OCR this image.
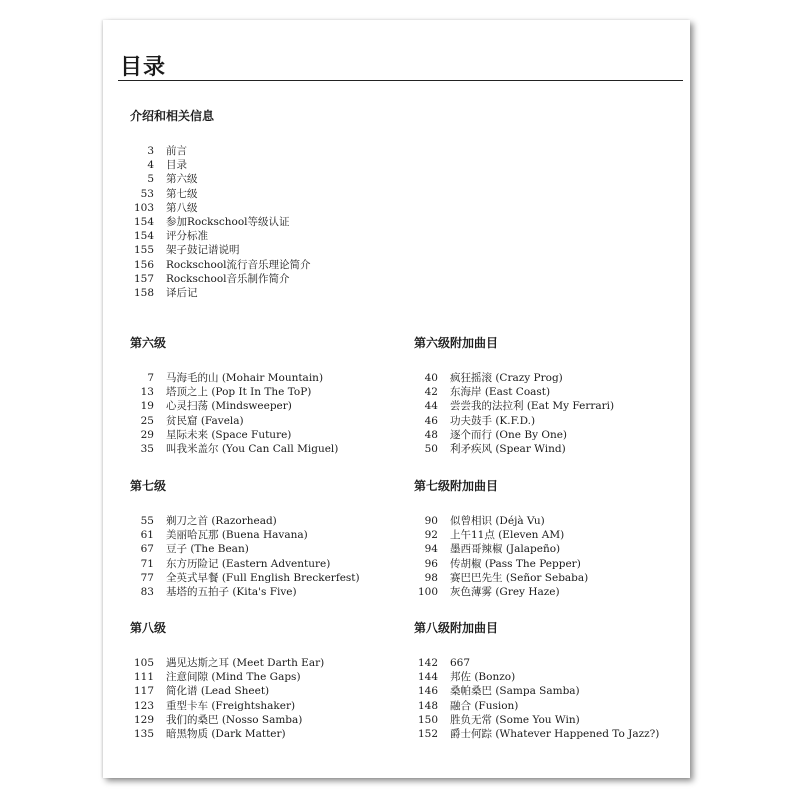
目录
介绍和相关信息
3 前言
4 目录
5 第六级
53 第七级
103 第八级
154 参加Rockschool等级认证
154 评分标准
155 架子鼓记谱说明
156 Rockschool流行音乐理论简介
157 Rockschool音乐制作简介
158 译后记
第六级
7 马海毛的山 (Mohair Mountain)
13 塔顶之上 (Pop It In The ToP)
19 心灵扫荡 (Mindsweeper)
25 贫民窟 (Favela)
29 星际未来 (Space Future)
35 叫我米盖尔 (You Can Call Miguel)
第六级附加曲目
40 疯狂摇滚 (Crazy Prog)
42 东海岸 (East Coast)
44 尝尝我的法拉利 (Eat My Ferrari)
46 功夫鼓手 (K.F.D.)
48 逐个而行 (One By One)
50 利矛疾风 (Spear Wind)
第七级
55 剃刀之首 (Razorhead)
61 美丽哈瓦那 (Buena Havana)
67 豆子 (The Bean)
71 东方历险记 (Eastern Adventure)
77 全英式早餐 (Full English Breckerfest)
83 基塔的五拍子 (Kita's Five)
第七级附加曲目
90 似曾相识 (Déjà Vu)
92 上午11点 (Eleven AM)
94 墨西哥辣椒 (Jalapeño)
96 传胡椒 (Pass The Pepper)
98 赛巴巴先生 (Señor Sebaba)
100 灰色薄雾 (Grey Haze)
第八级
105 遇见达斯之耳 (Meet Darth Ear)
111 注意间隙 (Mind The Gaps)
117 简化谱 (Lead Sheet)
123 重型卡车 (Freightshaker)
129 我们的桑巴 (Nosso Samba)
135 暗黑物质 (Dark Matter)
第八级附加曲目
142 667
144 邦佐 (Bonzo)
146 桑帕桑巴 (Sampa Samba)
148 融合 (Fusion)
150 胜负无常 (Some You Win)
152 爵士何踪 (Whatever Happened To Jazz?)
